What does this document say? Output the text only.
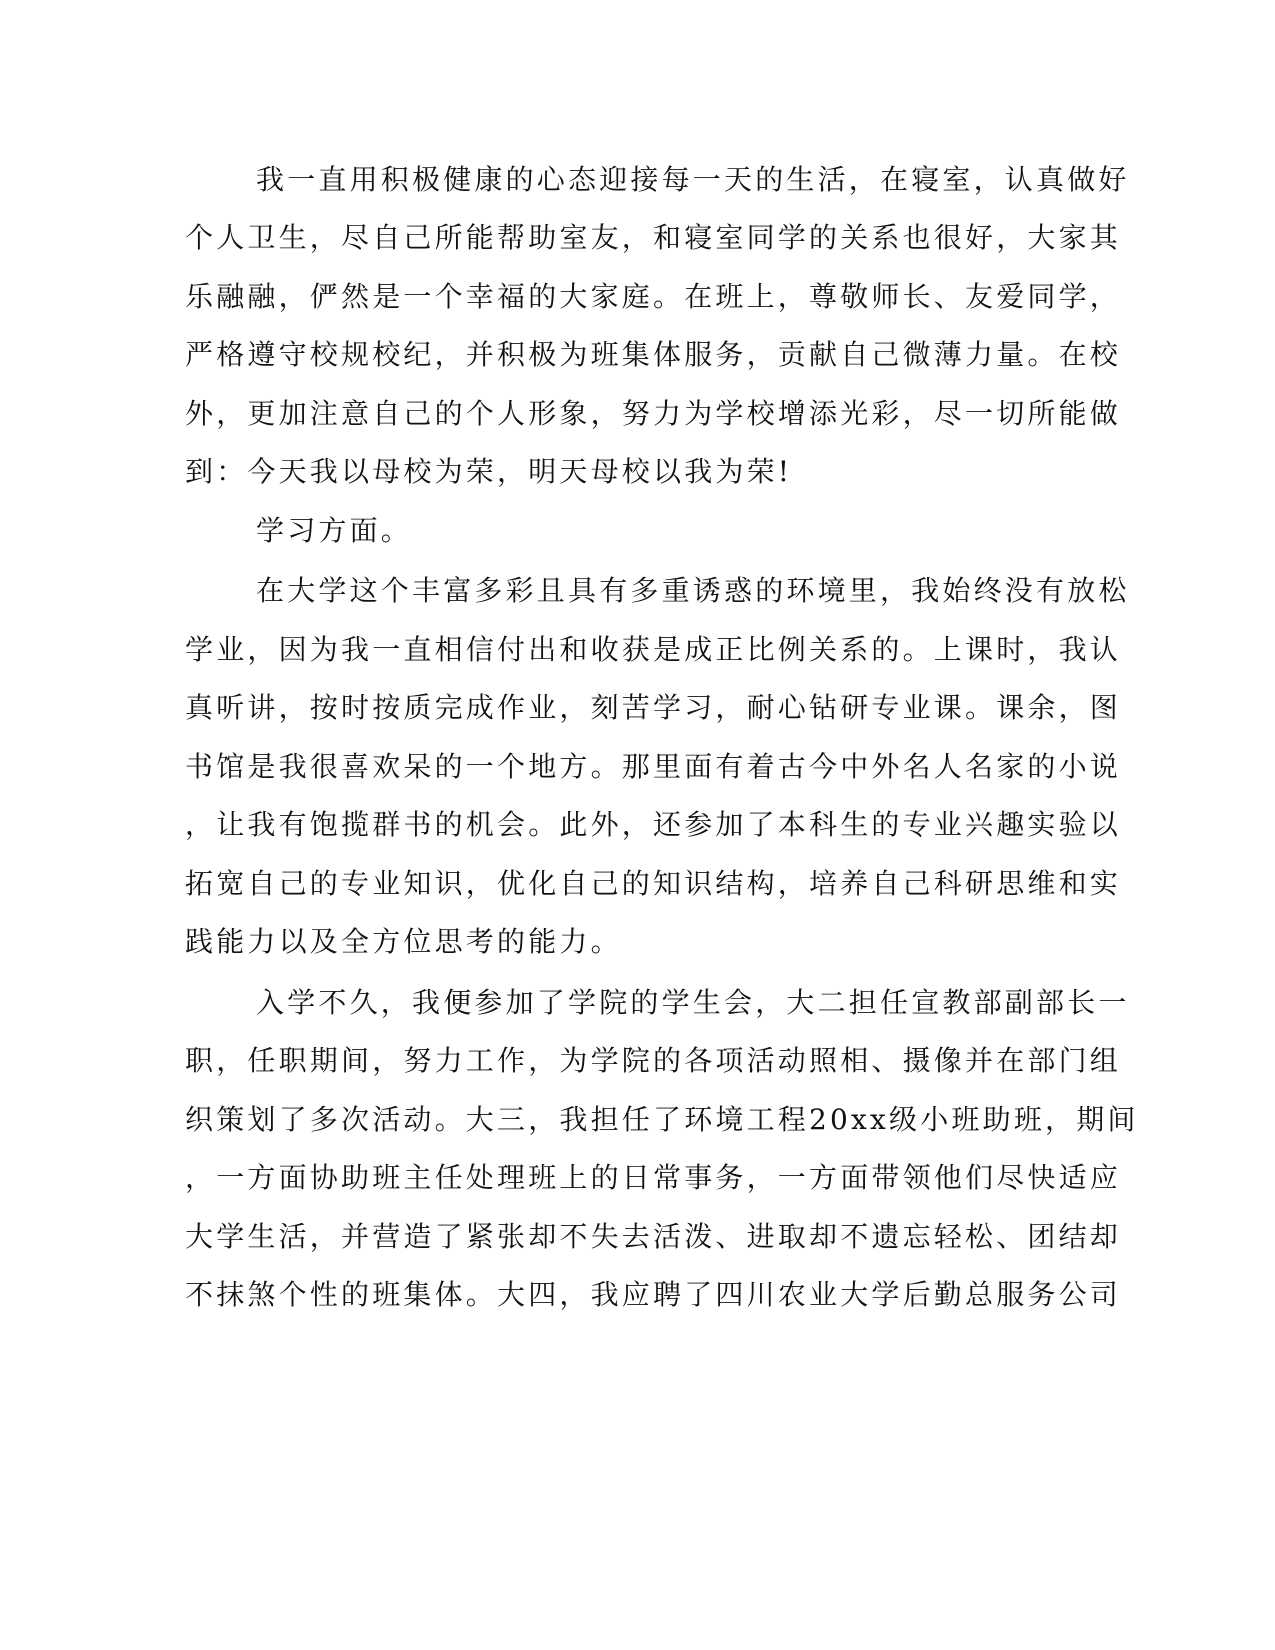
我一直用积极健康的心态迎接每一天的生活，在寝室，认真做好
个人卫生，尽自己所能帮助室友，和寝室同学的关系也很好，大家其
乐融融，俨然是一个幸福的大家庭。在班上，尊敬师长、友爱同学，
严格遵守校规校纪，并积极为班集体服务，贡献自己微薄力量。在校
外，更加注意自己的个人形象，努力为学校增添光彩，尽一切所能做
到：今天我以母校为荣，明天母校以我为荣!
学习方面。
在大学这个丰富多彩且具有多重诱惑的环境里，我始终没有放松
学业，因为我一直相信付出和收获是成正比例关系的。上课时，我认
真听讲，按时按质完成作业，刻苦学习，耐心钻研专业课。课余，图
书馆是我很喜欢呆的一个地方。那里面有着古今中外名人名家的小说
，让我有饱揽群书的机会。此外，还参加了本科生的专业兴趣实验以
拓宽自己的专业知识，优化自己的知识结构，培养自己科研思维和实
践能力以及全方位思考的能力。
入学不久，我便参加了学院的学生会，大二担任宣教部副部长一
职，任职期间，努力工作，为学院的各项活动照相、摄像并在部门组
织策划了多次活动。大三，我担任了环境工程20xx级小班助班，期间
，一方面协助班主任处理班上的日常事务，一方面带领他们尽快适应
大学生活，并营造了紧张却不失去活泼、进取却不遗忘轻松、团结却
不抹煞个性的班集体。大四，我应聘了四川农业大学后勤总服务公司
